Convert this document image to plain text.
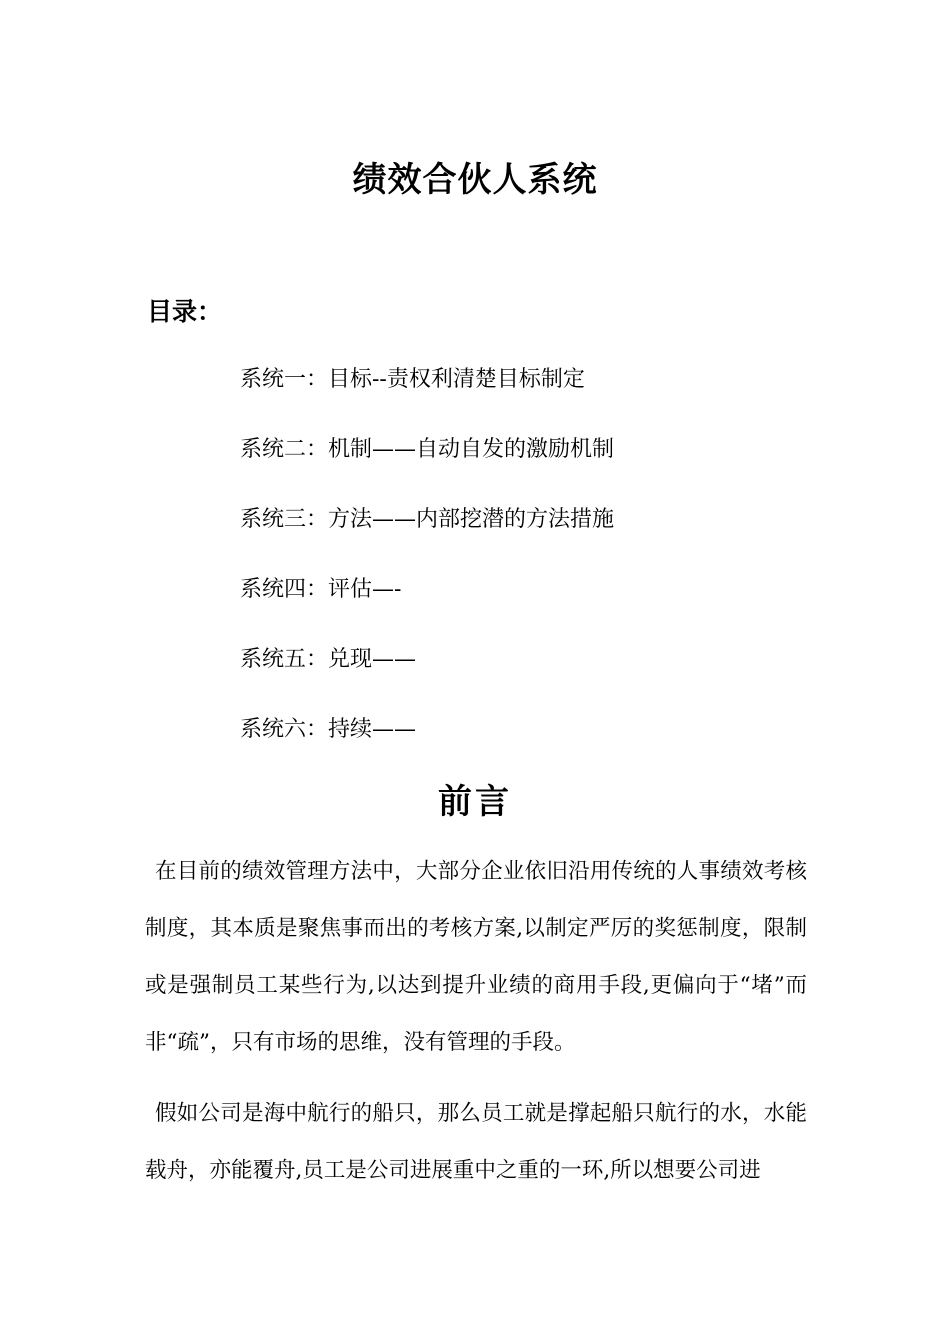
绩效合伙人系统
目录：
系统一：目标--责权利清楚目标制定
系统二：机制——自动自发的激励机制
系统三：方法——内部挖潜的方法措施
系统四：评估—-
系统五：兑现——
系统六：持续——
前言

在目前的绩效管理方法中，大部分企业依旧沿用传统的人事绩效考核制度，其本质是聚焦事而出的考核方案,以制定严厉的奖惩制度，限制或是强制员工某些行为,以达到提升业绩的商用手段,更偏向于“堵”而非“疏”，只有市场的思维，没有管理的手段。

假如公司是海中航行的船只，那么员工就是撑起船只航行的水，水能载舟，亦能覆舟,员工是公司进展重中之重的一环,所以想要公司进
